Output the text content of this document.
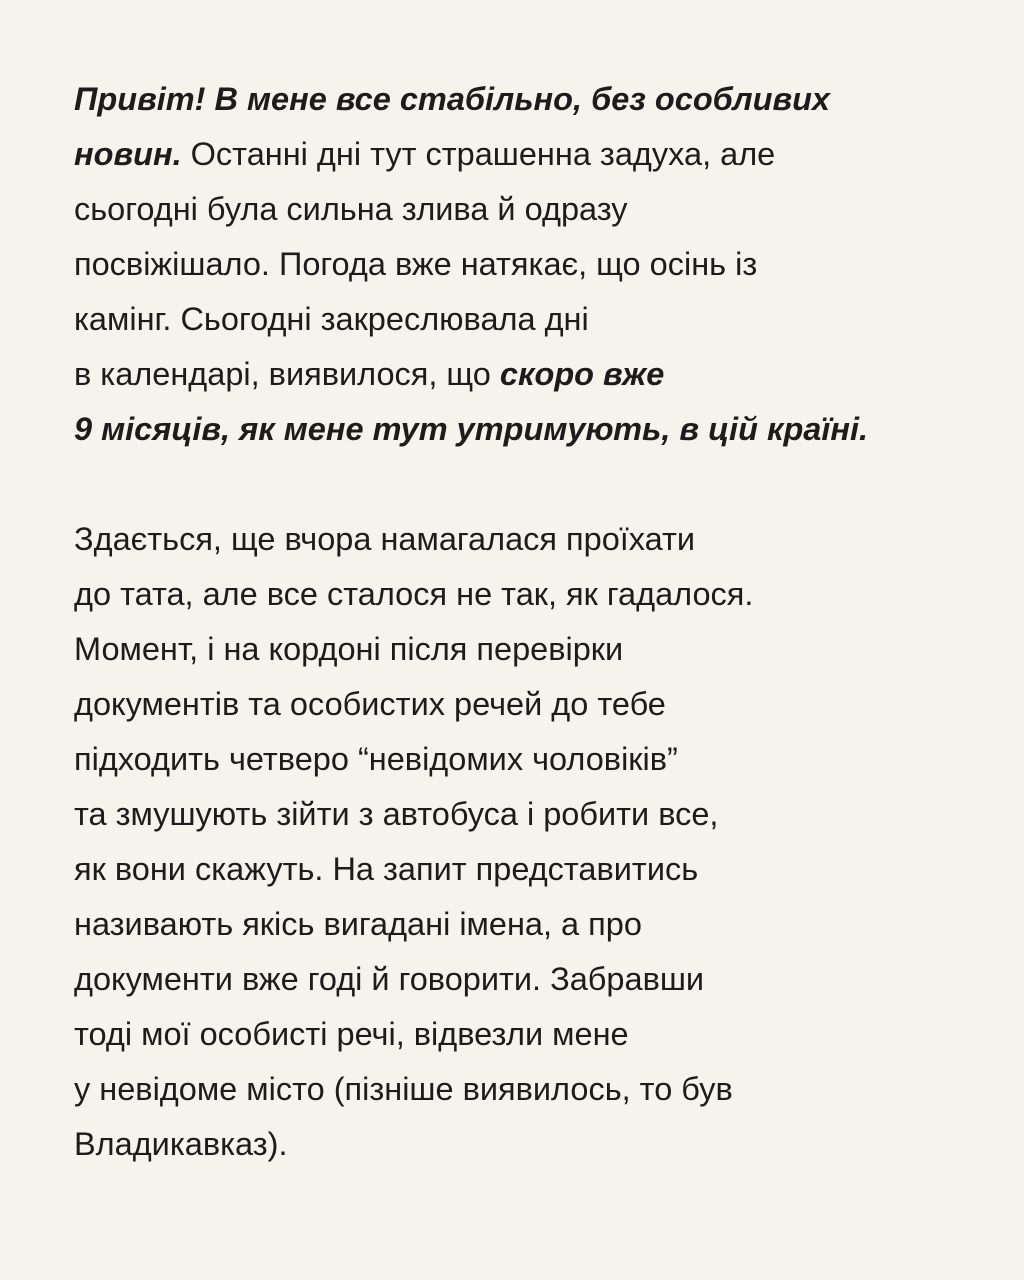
Привіт! В мене все стабільно, без особливих
новин. Останні дні тут страшенна задуха, але
сьогодні була сильна злива й одразу
посвіжішало. Погода вже натякає, що осінь із
камінг. Сьогодні закреслювала дні
в календарі, виявилося, що скоро вже
9 місяців, як мене тут утримують, в цій країні.
Здається, ще вчора намагалася проїхати
до тата, але все сталося не так, як гадалося.
Момент, і на кордоні після перевірки
документів та особистих речей до тебе
підходить четверо “невідомих чоловіків”
та змушують зійти з автобуса і робити все,
як вони скажуть. На запит представитись
називають якісь вигадані імена, а про
документи вже годі й говорити. Забравши
тоді мої особисті речі, відвезли мене
у невідоме місто (пізніше виявилось, то був
Владикавказ).
